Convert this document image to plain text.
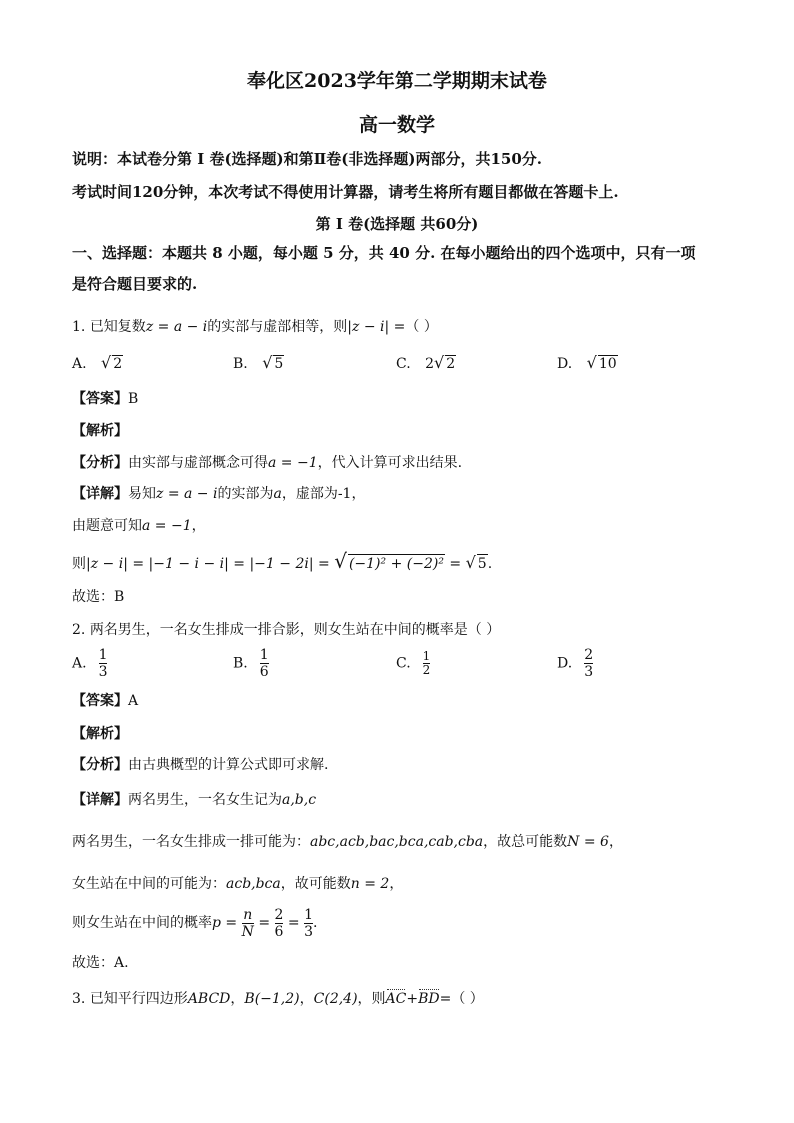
奉化区2023学年第二学期期末试卷
高一数学
说明：本试卷分第 I 卷(选择题)和第Ⅱ卷(非选择题)两部分，共150分.
考试时间120分钟，本次考试不得使用计算器，请考生将所有题目都做在答题卡上.
第 I 卷(选择题 共60分)
一、选择题：本题共 8 小题，每小题 5 分，共 40 分. 在每小题给出的四个选项中，只有一项
是符合题目要求的.
1. 已知复数z = a − i的实部与虚部相等，则|z − i| =（ ）
A. √ 2	B. √ 5	C. 2√ 2	D. √ 10
【答案】B
【解析】
【分析】由实部与虚部概念可得a = −1，代入计算可求出结果.
【详解】易知z = a − i的实部为a，虚部为-1，
由题意可知a = −1，
则|z − i| = |−1 − i − i| = |−1 − 2i| = √ (−1)² + (−2)² = √ 5.
故选：B
2. 两名男生，一名女生排成一排合影，则女生站在中间的概率是（ ）
A. $\frac{1}{3}$	B. $\frac{1}{6}$	C. $\frac{1}{2}$	D. $\frac{2}{3}$
【答案】A
【解析】
【分析】由古典概型的计算公式即可求解.
【详解】两名男生，一名女生记为a,b,c
两名男生，一名女生排成一排可能为：abc,acb,bac,bca,cab,cba，故总可能数N = 6，
女生站在中间的可能为：acb,bca，故可能数n = 2，
则女生站在中间的概率$p = \frac{n}{N} = \frac{2}{6} = \frac{1}{3}$ .
故选：A.
3. 已知平行四边形ABCD，B(−1,2)，C(2,4)，则AC+BD=（ ）
